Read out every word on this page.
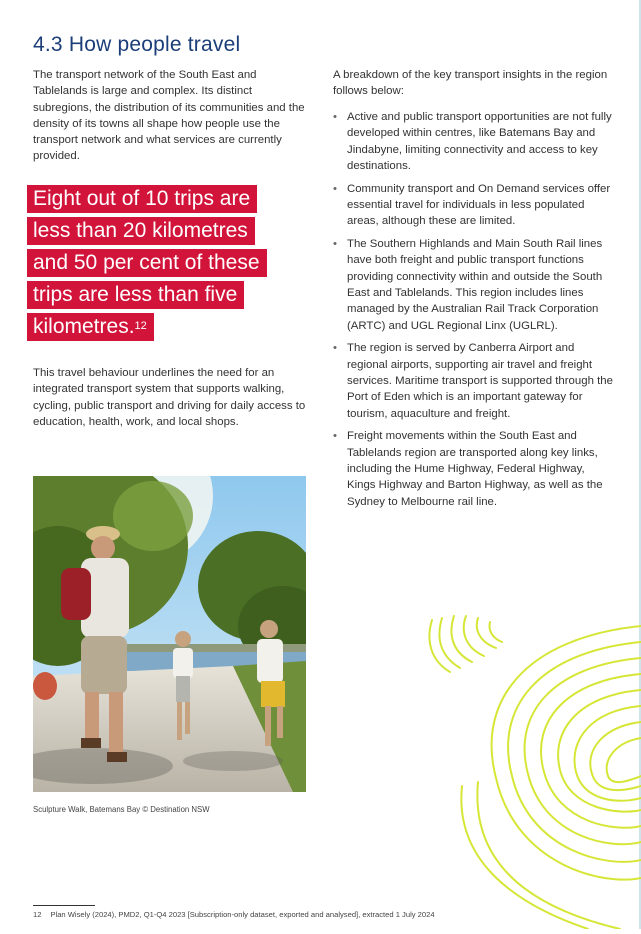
4.3 How people travel

The transport network of the South East and Tablelands is large and complex. Its distinct subregions, the distribution of its communities and the density of its towns all shape how people use the transport network and what services are currently provided.

Eight out of 10 trips are
less than 20 kilometres
and 50 per cent of these
trips are less than five
kilometres.$^{12}$

This travel behaviour underlines the need for an integrated transport system that supports walking, cycling, public transport and driving for daily access to education, health, work, and local shops.

Sculpture Walk, Batemans Bay © Destination NSW

A breakdown of the key transport insights in the region follows below:

• Active and public transport opportunities are not fully developed within centres, like Batemans Bay and Jindabyne, limiting connectivity and access to key destinations.
• Community transport and On Demand services offer essential travel for individuals in less populated areas, although these are limited.
• The Southern Highlands and Main South Rail lines have both freight and public transport functions providing connectivity within and outside the South East and Tablelands. This region includes lines managed by the Australian Rail Track Corporation (ARTC) and UGL Regional Linx (UGLRL).
• The region is served by Canberra Airport and regional airports, supporting air travel and freight services. Maritime transport is supported through the Port of Eden which is an important gateway for tourism, aquaculture and freight.
• Freight movements within the South East and Tablelands region are transported along key links, including the Hume Highway, Federal Highway, Kings Highway and Barton Highway, as well as the Sydney to Melbourne rail line.

12 Plan Wisely (2024), PMD2, Q1-Q4 2023 [Subscription-only dataset, exported and analysed], extracted 1 July 2024
